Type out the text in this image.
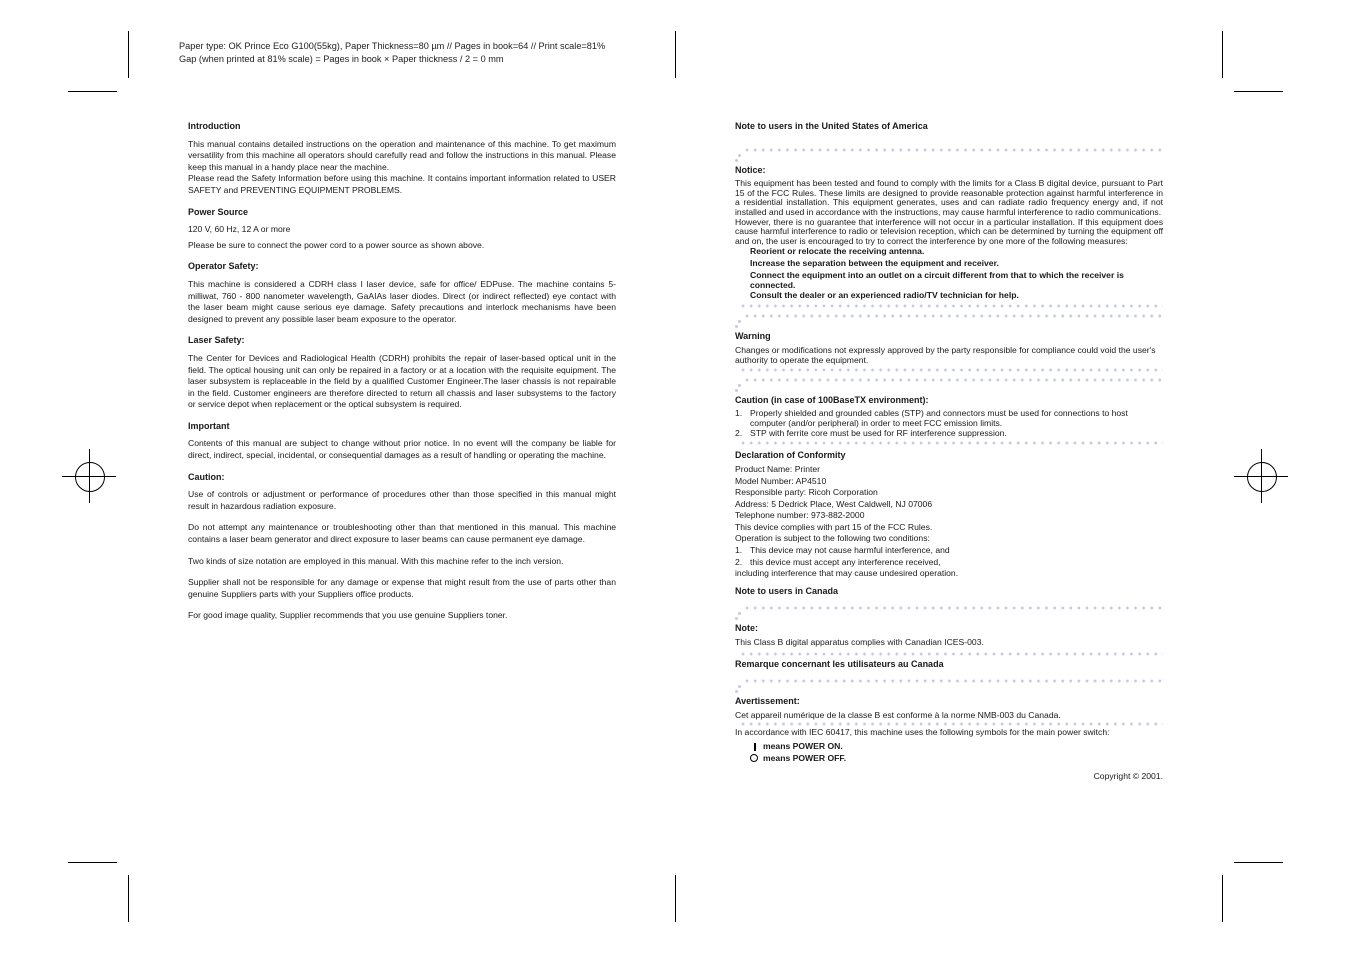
Paper type: OK Prince Eco G100(55kg), Paper Thickness=80 µm // Pages in book=64 // Print scale=81%
Gap (when printed at 81% scale) = Pages in book × Paper thickness / 2 = 0 mm
Introduction

This manual contains detailed instructions on the operation and maintenance of this machine. To get maximum versatility from this machine all operators should carefully read and follow the instructions in this manual. Please keep this manual in a handy place near the machine.

Please read the Safety Information before using this machine. It contains important information related to USER SAFETY and PREVENTING EQUIPMENT PROBLEMS.

Power Source

120 V, 60 Hz, 12 A or more

Please be sure to connect the power cord to a power source as shown above.

Operator Safety:

This machine is considered a CDRH class I laser device, safe for office/ EDPuse. The machine contains 5-milliwat, 760 - 800 nanometer wavelength, GaAIAs laser diodes. Direct (or indirect reflected) eye contact with the laser beam might cause serious eye damage. Safety precautions and interlock mechanisms have been designed to prevent any possible laser beam exposure to the operator.

Laser Safety:

The Center for Devices and Radiological Health (CDRH) prohibits the repair of laser-based optical unit in the field. The optical housing unit can only be repaired in a factory or at a location with the requisite equipment. The laser subsystem is replaceable in the field by a qualified Customer Engineer.The laser chassis is not repairable in the field. Customer engineers are therefore directed to return all chassis and laser subsystems to the factory or service depot when replacement or the optical subsystem is required.

Important

Contents of this manual are subject to change without prior notice. In no event will the company be liable for direct, indirect, special, incidental, or consequential damages as a result of handling or operating the machine.

Caution:

Use of controls or adjustment or performance of procedures other than those specified in this manual might result in hazardous radiation exposure.

Do not attempt any maintenance or troubleshooting other than that mentioned in this manual. This machine contains a laser beam generator and direct exposure to laser beams can cause permanent eye damage.

Two kinds of size notation are employed in this manual. With this machine refer to the inch version.

Supplier shall not be responsible for any damage or expense that might result from the use of parts other than genuine Suppliers parts with your Suppliers office products.

For good image quality, Supplier recommends that you use genuine Suppliers toner.

Note to users in the United States of America
Notice:

This equipment has been tested and found to comply with the limits for a Class B digital device, pursuant to Part 15 of the FCC Rules. These limits are designed to provide reasonable protection against harmful interference in a residential installation. This equipment generates, uses and can radiate radio frequency energy and, if not installed and used in accordance with the instructions, may cause harmful interference to radio communications.

However, there is no guarantee that interference will not occur in a particular installation. If this equipment does cause harmful interference to radio or television reception, which can be determined by turning the equipment off and on, the user is encouraged to try to correct the interference by one more of the following measures:

Reorient or relocate the receiving antenna.
Increase the separation between the equipment and receiver.
Connect the equipment into an outlet on a circuit different from that to which the receiver is connected.
Consult the dealer or an experienced radio/TV technician for help.
Warning

Changes or modifications not expressly approved by the party responsible for compliance could void the user's authority to operate the equipment.

Caution (in case of 100BaseTX environment):
1. Properly shielded and grounded cables (STP) and connectors must be used for connections to host computer (and/or peripheral) in order to meet FCC emission limits.
2. STP with ferrite core must be used for RF interference suppression.
Declaration of Conformity
Product Name: Printer
Model Number: AP4510
Responsible party: Ricoh Corporation
Address: 5 Dedrick Place, West Caldwell, NJ 07006
Telephone number: 973-882-2000
This device complies with part 15 of the FCC Rules.
Operation is subject to the following two conditions:
1. This device may not cause harmful interference, and
2. this device must accept any interference received,
including interference that may cause undesired operation.
Note to users in Canada
Note:

This Class B digital apparatus complies with Canadian ICES-003.

Remarque concernant les utilisateurs au Canada
Avertissement:

Cet appareil numérique de la classe B est conforme à la norme NMB-003 du Canada.

In accordance with IEC 60417, this machine uses the following symbols for the main power switch:

means POWER ON.
means POWER OFF.
Copyright © 2001.
